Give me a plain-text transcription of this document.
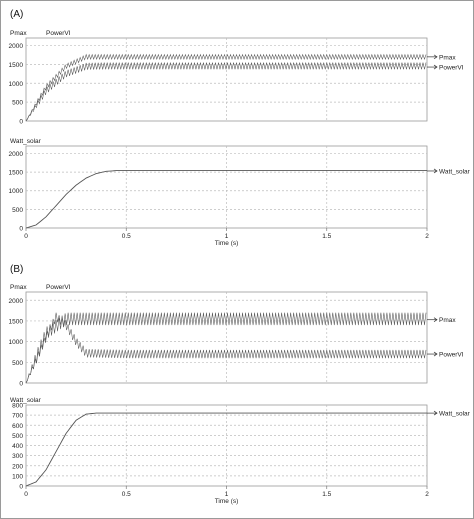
(A)
(B)
2000
1500
1000
500
0
Pmax	PowerVI
Pmax
PowerVI
2000
1500
1000
500
0
Watt_solar
Watt_solar
0	0.5	1	1.5	2
Time (s)
2000
1500
1000
500
0
Pmax	PowerVI
Pmax
PowerVI
800
700
600
500
400
300
200
100
0
Watt_solar
Watt_solar
0	0.5	1	1.5	2
Time (s)
